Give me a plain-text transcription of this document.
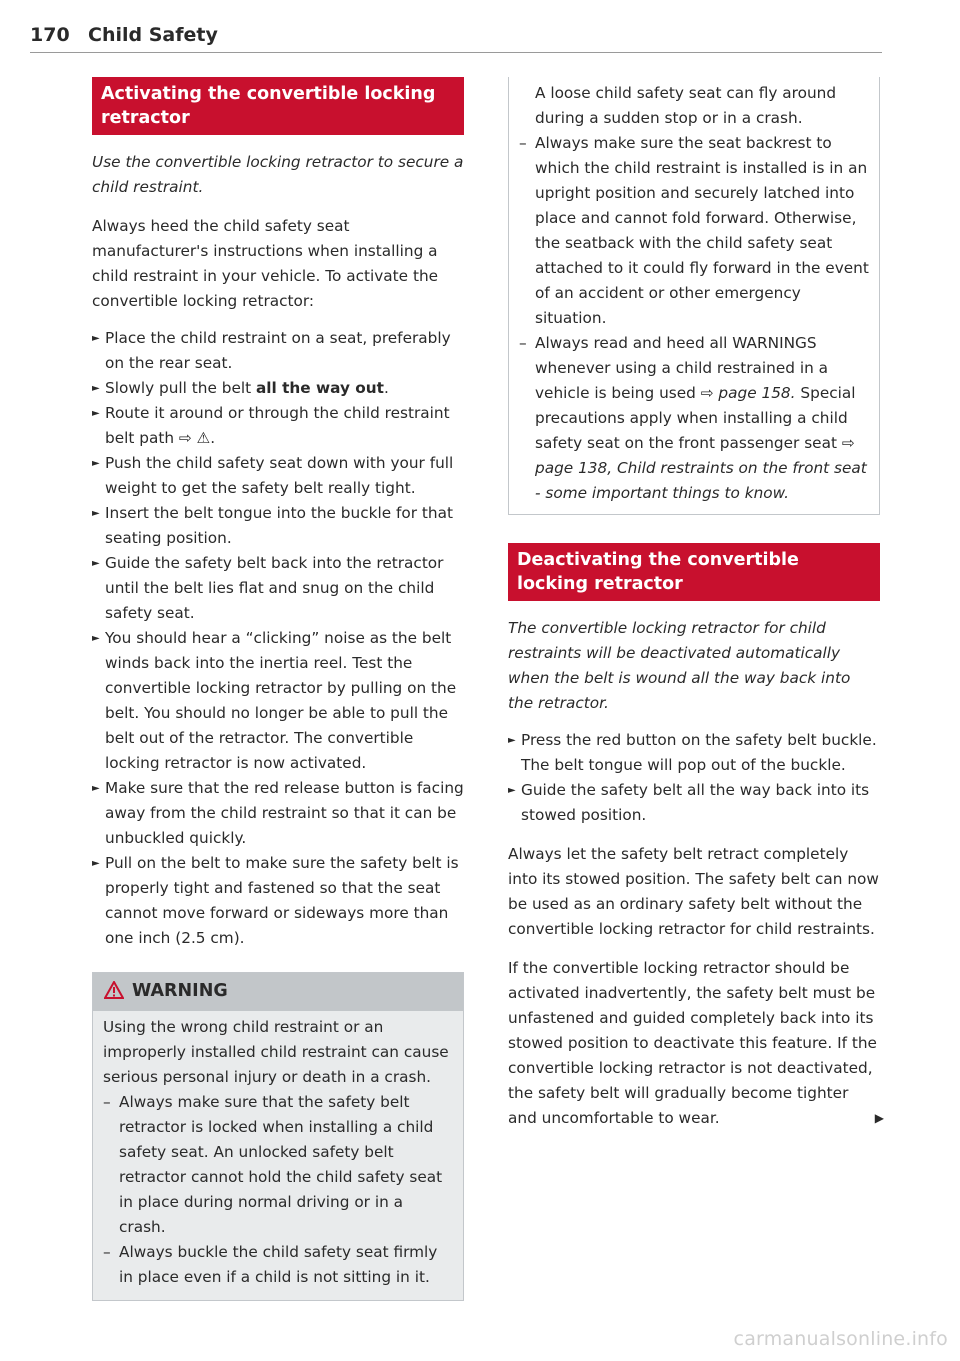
170 Child Safety
Activating the convertible locking retractor

Use the convertible locking retractor to secure a child restraint.

Always heed the child safety seat manufacturer's instructions when installing a child restraint in your vehicle. To activate the convertible locking retractor:

► Place the child restraint on a seat, preferably on the rear seat.
► Slowly pull the belt all the way out.
► Route it around or through the child restraint belt path ⇨ ⚠.
► Push the child safety seat down with your full weight to get the safety belt really tight.
► Insert the belt tongue into the buckle for that seating position.
► Guide the safety belt back into the retractor until the belt lies flat and snug on the child safety seat.
► You should hear a “clicking” noise as the belt winds back into the inertia reel. Test the convertible locking retractor by pulling on the belt. You should no longer be able to pull the belt out of the retractor. The convertible locking retractor is now activated.
► Make sure that the red release button is facing away from the child restraint so that it can be unbuckled quickly.
► Pull on the belt to make sure the safety belt is properly tight and fastened so that the seat cannot move forward or sideways more than one inch (2.5 cm).
WARNING

Using the wrong child restraint or an improperly installed child restraint can cause serious personal injury or death in a crash.

– Always make sure that the safety belt retractor is locked when installing a child safety seat. An unlocked safety belt retractor cannot hold the child safety seat in place during normal driving or in a crash.
– Always buckle the child safety seat firmly in place even if a child is not sitting in it.

A loose child safety seat can fly around during a sudden stop or in a crash.

– Always make sure the seat backrest to which the child restraint is installed is in an upright position and securely latched into place and cannot fold forward. Otherwise, the seatback with the child safety seat attached to it could fly forward in the event of an accident or other emergency situation.
– Always read and heed all WARNINGS whenever using a child restrained in a vehicle is being used ⇨ page 158. Special precautions apply when installing a child safety seat on the front passenger seat ⇨ page 138, Child restraints on the front seat - some important things to know.
Deactivating the convertible locking retractor

The convertible locking retractor for child restraints will be deactivated automatically when the belt is wound all the way back into the retractor.

► Press the red button on the safety belt buckle. The belt tongue will pop out of the buckle.
► Guide the safety belt all the way back into its stowed position.

Always let the safety belt retract completely into its stowed position. The safety belt can now be used as an ordinary safety belt without the convertible locking retractor for child restraints.

If the convertible locking retractor should be activated inadvertently, the safety belt must be unfastened and guided completely back into its stowed position to deactivate this feature. If the convertible locking retractor is not deactivated, the safety belt will gradually become tighter and uncomfortable to wear.	▶

carmanualsonline.info
